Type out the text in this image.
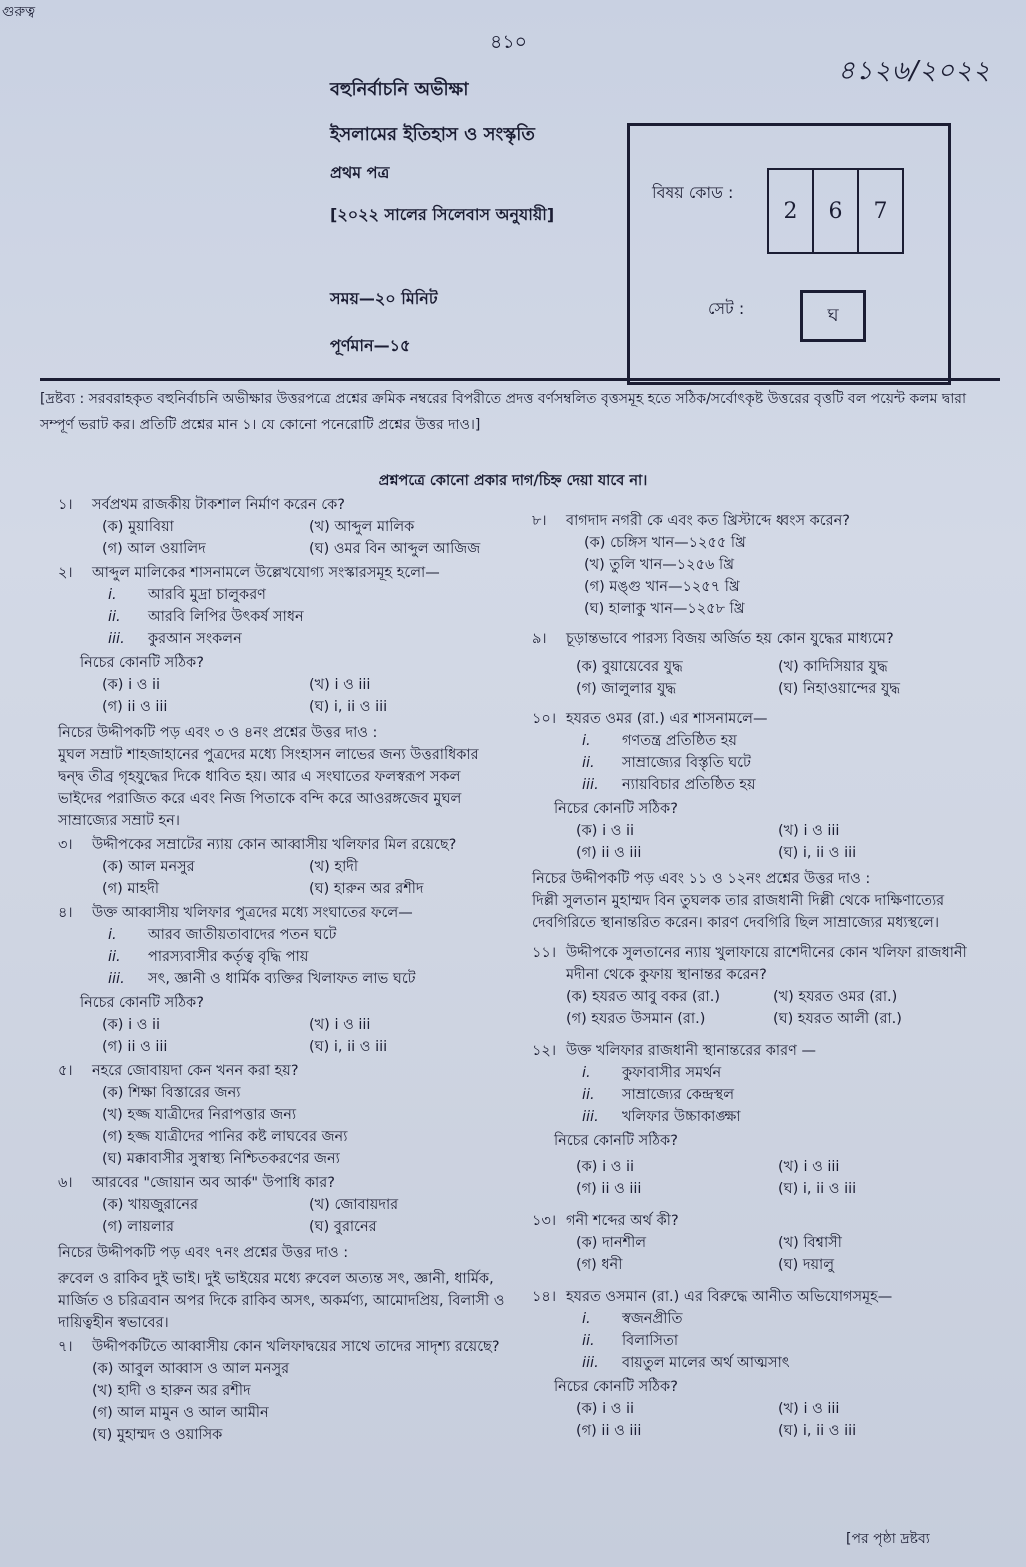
গুরুত্ব
৪১০
৪১২৬/২০২২
বহুনির্বাচনি অভীক্ষা
ইসলামের ইতিহাস ও সংস্কৃতি
প্রথম পত্র
[২০২২ সালের সিলেবাস অনুযায়ী]
সময়—২০ মিনিট
পূর্ণমান—১৫
বিষয় কোড :
2	6	7
সেট :	ঘ
[দ্রষ্টব্য : সরবরাহকৃত বহুনির্বাচনি অভীক্ষার উত্তরপত্রে প্রশ্নের ক্রমিক নম্বরের বিপরীতে প্রদত্ত বর্ণসম্বলিত বৃত্তসমূহ হতে সঠিক/সর্বোৎকৃষ্ট উত্তরের বৃত্তটি বল পয়েন্ট কলম দ্বারা সম্পূর্ণ ভরাট কর। প্রতিটি প্রশ্নের মান ১। যে কোনো পনেরোটি প্রশ্নের উত্তর দাও।]
প্রশ্নপত্রে কোনো প্রকার দাগ/চিহ্ন দেয়া যাবে না।
১।	সর্বপ্রথম রাজকীয় টাকশাল নির্মাণ করেন কে?
(ক) মুয়াবিয়া	(খ) আব্দুল মালিক
(গ) আল ওয়ালিদ	(ঘ) ওমর বিন আব্দুল আজিজ
২।	আব্দুল মালিকের শাসনামলে উল্লেখযোগ্য সংস্কারসমূহ হলো—
i.	আরবি মুদ্রা চালুকরণ
ii.	আরবি লিপির উৎকর্ষ সাধন
iii.	কুরআন সংকলন
নিচের কোনটি সঠিক?
(ক) i ও ii	(খ) i ও iii
(গ) ii ও iii	(ঘ) i, ii ও iii
নিচের উদ্দীপকটি পড় এবং ৩ ও ৪নং প্রশ্নের উত্তর দাও :
মুঘল সম্রাট শাহজাহানের পুত্রদের মধ্যে সিংহাসন লাভের জন্য উত্তরাধিকার দ্বন্দ্ব তীব্র গৃহযুদ্ধের দিকে ধাবিত হয়। আর এ সংঘাতের ফলস্বরূপ সকল ভাইদের পরাজিত করে এবং নিজ পিতাকে বন্দি করে আওরঙ্গজেব মুঘল সাম্রাজ্যের সম্রাট হন।
৩।	উদ্দীপকের সম্রাটের ন্যায় কোন আব্বাসীয় খলিফার মিল রয়েছে?
(ক) আল মনসুর	(খ) হাদী
(গ) মাহদী	(ঘ) হারুন অর রশীদ
৪।	উক্ত আব্বাসীয় খলিফার পুত্রদের মধ্যে সংঘাতের ফলে—
i.	আরব জাতীয়তাবাদের পতন ঘটে
ii.	পারস্যবাসীর কর্তৃত্ব বৃদ্ধি পায়
iii.	সৎ, জ্ঞানী ও ধার্মিক ব্যক্তির খিলাফত লাভ ঘটে
নিচের কোনটি সঠিক?
(ক) i ও ii	(খ) i ও iii
(গ) ii ও iii	(ঘ) i, ii ও iii
৫।	নহরে জোবায়দা কেন খনন করা হয়?
(ক) শিক্ষা বিস্তারের জন্য
(খ) হজ্জ যাত্রীদের নিরাপত্তার জন্য
(গ) হজ্জ যাত্রীদের পানির কষ্ট লাঘবের জন্য
(ঘ) মক্কাবাসীর সুস্বাস্থ্য নিশ্চিতকরণের জন্য
৬।	আরবের "জোয়ান অব আর্ক" উপাধি কার?
(ক) খায়জুরানের	(খ) জোবায়দার
(গ) লায়লার	(ঘ) বুরানের
নিচের উদ্দীপকটি পড় এবং ৭নং প্রশ্নের উত্তর দাও :
রুবেল ও রাকিব দুই ভাই। দুই ভাইয়ের মধ্যে রুবেল অত্যন্ত সৎ, জ্ঞানী, ধার্মিক, মার্জিত ও চরিত্রবান অপর দিকে রাকিব অসৎ, অকর্মণ্য, আমোদপ্রিয়, বিলাসী ও দায়িত্বহীন স্বভাবের।
৭।	উদ্দীপকটিতে আব্বাসীয় কোন খলিফাদ্বয়ের সাথে তাদের সাদৃশ্য রয়েছে?
(ক) আবুল আব্বাস ও আল মনসুর
(খ) হাদী ও হারুন অর রশীদ
(গ) আল মামুন ও আল আমীন
(ঘ) মুহাম্মদ ও ওয়াসিক
৮।	বাগদাদ নগরী কে এবং কত খ্রিস্টাব্দে ধ্বংস করেন?
(ক) চেঙ্গিস খান—১২৫৫ খ্রি
(খ) তুলি খান—১২৫৬ খ্রি
(গ) মঙ্গু খান—১২৫৭ খ্রি
(ঘ) হালাকু খান—১২৫৮ খ্রি
৯।	চূড়ান্তভাবে পারস্য বিজয় অর্জিত হয় কোন যুদ্ধের মাধ্যমে?
(ক) বুয়ায়েবের যুদ্ধ	(খ) কাদিসিয়ার যুদ্ধ
(গ) জালুলার যুদ্ধ	(ঘ) নিহাওয়ান্দের যুদ্ধ
১০। হযরত ওমর (রা.) এর শাসনামলে—
i.	গণতন্ত্র প্রতিষ্ঠিত হয়
ii.	সাম্রাজ্যের বিস্তৃতি ঘটে
iii.	ন্যায়বিচার প্রতিষ্ঠিত হয়
নিচের কোনটি সঠিক?
(ক) i ও ii	(খ) i ও iii
(গ) ii ও iii	(ঘ) i, ii ও iii
নিচের উদ্দীপকটি পড় এবং ১১ ও ১২নং প্রশ্নের উত্তর দাও :
দিল্লী সুলতান মুহাম্মদ বিন তুঘলক তার রাজধানী দিল্লী থেকে দাক্ষিণাত্যের দেবগিরিতে স্থানান্তরিত করেন। কারণ দেবগিরি ছিল সাম্রাজ্যের মধ্যস্থলে।
১১। উদ্দীপকে সুলতানের ন্যায় খুলাফায়ে রাশেদীনের কোন খলিফা রাজধানী মদীনা থেকে কুফায় স্থানান্তর করেন?
(ক) হযরত আবু বকর (রা.)	(খ) হযরত ওমর (রা.)
(গ) হযরত উসমান (রা.)	(ঘ) হযরত আলী (রা.)
১২। উক্ত খলিফার রাজধানী স্থানান্তরের কারণ —
i.	কুফাবাসীর সমর্থন
ii.	সাম্রাজ্যের কেন্দ্রস্থল
iii.	খলিফার উচ্চাকাঙ্ক্ষা
নিচের কোনটি সঠিক?
(ক) i ও ii	(খ) i ও iii
(গ) ii ও iii	(ঘ) i, ii ও iii
১৩। গনী শব্দের অর্থ কী?
(ক) দানশীল	(খ) বিশ্বাসী
(গ) ধনী	(ঘ) দয়ালু
১৪। হযরত ওসমান (রা.) এর বিরুদ্ধে আনীত অভিযোগসমূহ—
i.	স্বজনপ্রীতি
ii.	বিলাসিতা
iii.	বায়তুল মালের অর্থ আত্মসাৎ
নিচের কোনটি সঠিক?
(ক) i ও ii	(খ) i ও iii
(গ) ii ও iii	(ঘ) i, ii ও iii
[পর পৃষ্ঠা দ্রষ্টব্য
